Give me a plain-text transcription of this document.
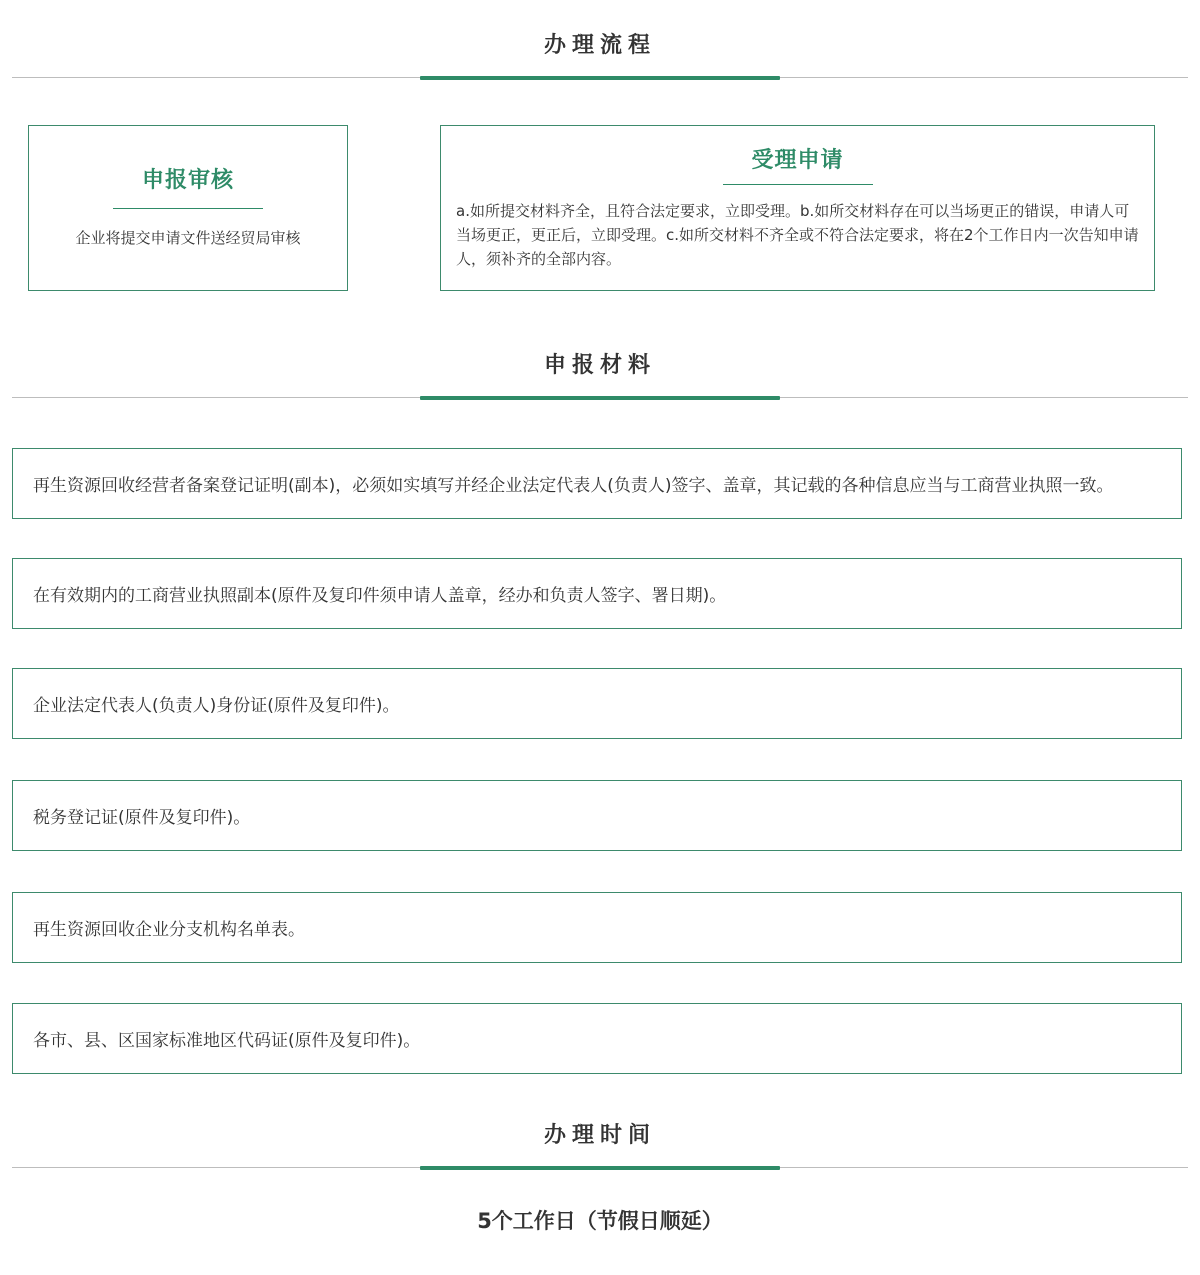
办理流程
申报审核
企业将提交申请文件送经贸局审核
受理申请
a.如所提交材料齐全，且符合法定要求，立即受理。b.如所交材料存在可以当场更正的错误，申请人可当场更正，更正后，立即受理。c.如所交材料不齐全或不符合法定要求，将在2个工作日内一次告知申请人，须补齐的全部内容。
申报材料
再生资源回收经营者备案登记证明(副本)，必须如实填写并经企业法定代表人(负责人)签字、盖章，其记载的各种信息应当与工商营业执照一致。
在有效期内的工商营业执照副本(原件及复印件须申请人盖章，经办和负责人签字、署日期)。
企业法定代表人(负责人)身份证(原件及复印件)。
税务登记证(原件及复印件)。
再生资源回收企业分支机构名单表。
各市、县、区国家标准地区代码证(原件及复印件)。
办理时间
5个工作日（节假日顺延）
